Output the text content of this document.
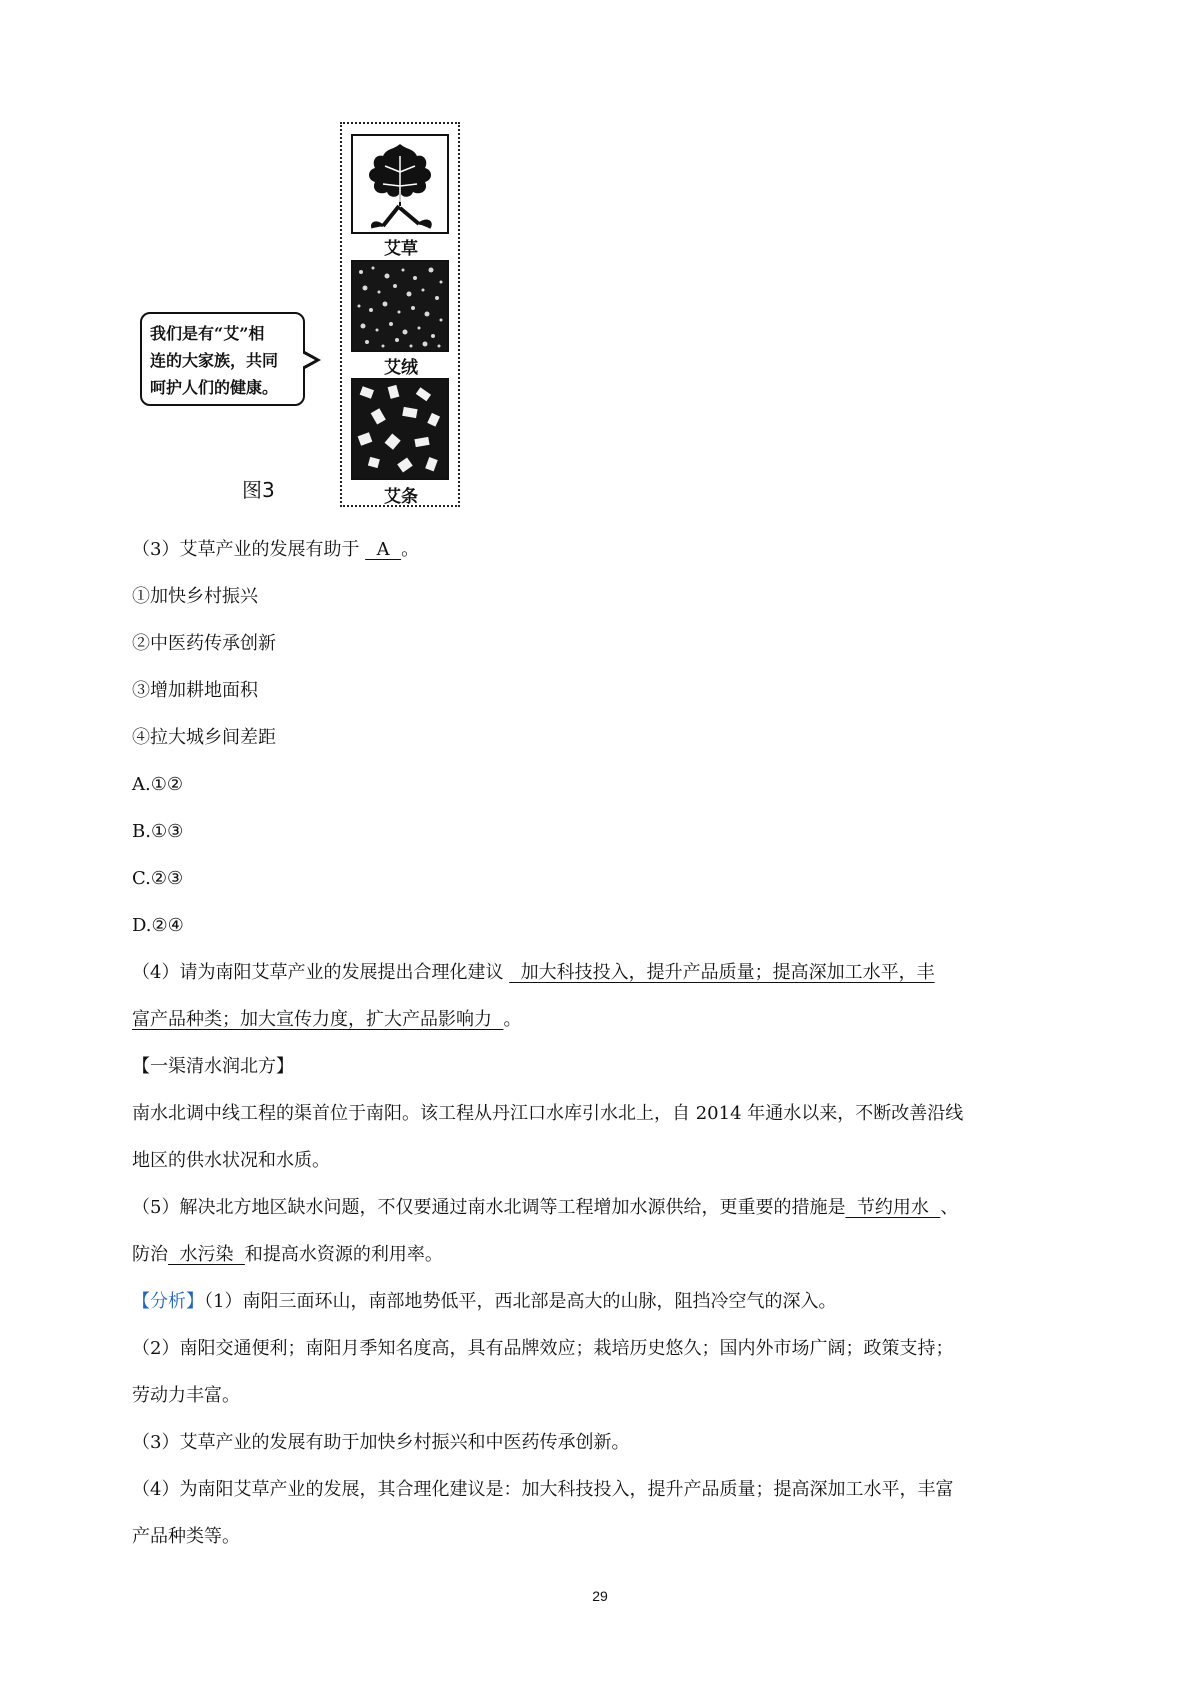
艾草
艾绒
艾条
我们是有“艾”相
连的大家族，共同
呵护人们的健康。
图3
（3）艾草产业的发展有助于   A  。
①加快乡村振兴
②中医药传承创新
③增加耕地面积
④拉大城乡间差距
A.①②
B.①③
C.②③
D.②④
（4）请为南阳艾草产业的发展提出合理化建议   加大科技投入，提升产品质量；提高深加工水平，丰
富产品种类；加大宣传力度，扩大产品影响力  。
【一渠清水润北方】
南水北调中线工程的渠首位于南阳。该工程从丹江口水库引水北上，自 2014 年通水以来，不断改善沿线
地区的供水状况和水质。
（5）解决北方地区缺水问题，不仅要通过南水北调等工程增加水源供给，更重要的措施是  节约用水  、
防治  水污染  和提高水资源的利用率。
【分析】（1）南阳三面环山，南部地势低平，西北部是高大的山脉，阻挡冷空气的深入。
（2）南阳交通便利；南阳月季知名度高，具有品牌效应；栽培历史悠久；国内外市场广阔；政策支持；
劳动力丰富。
（3）艾草产业的发展有助于加快乡村振兴和中医药传承创新。
（4）为南阳艾草产业的发展，其合理化建议是：加大科技投入，提升产品质量；提高深加工水平，丰富
产品种类等。
29
